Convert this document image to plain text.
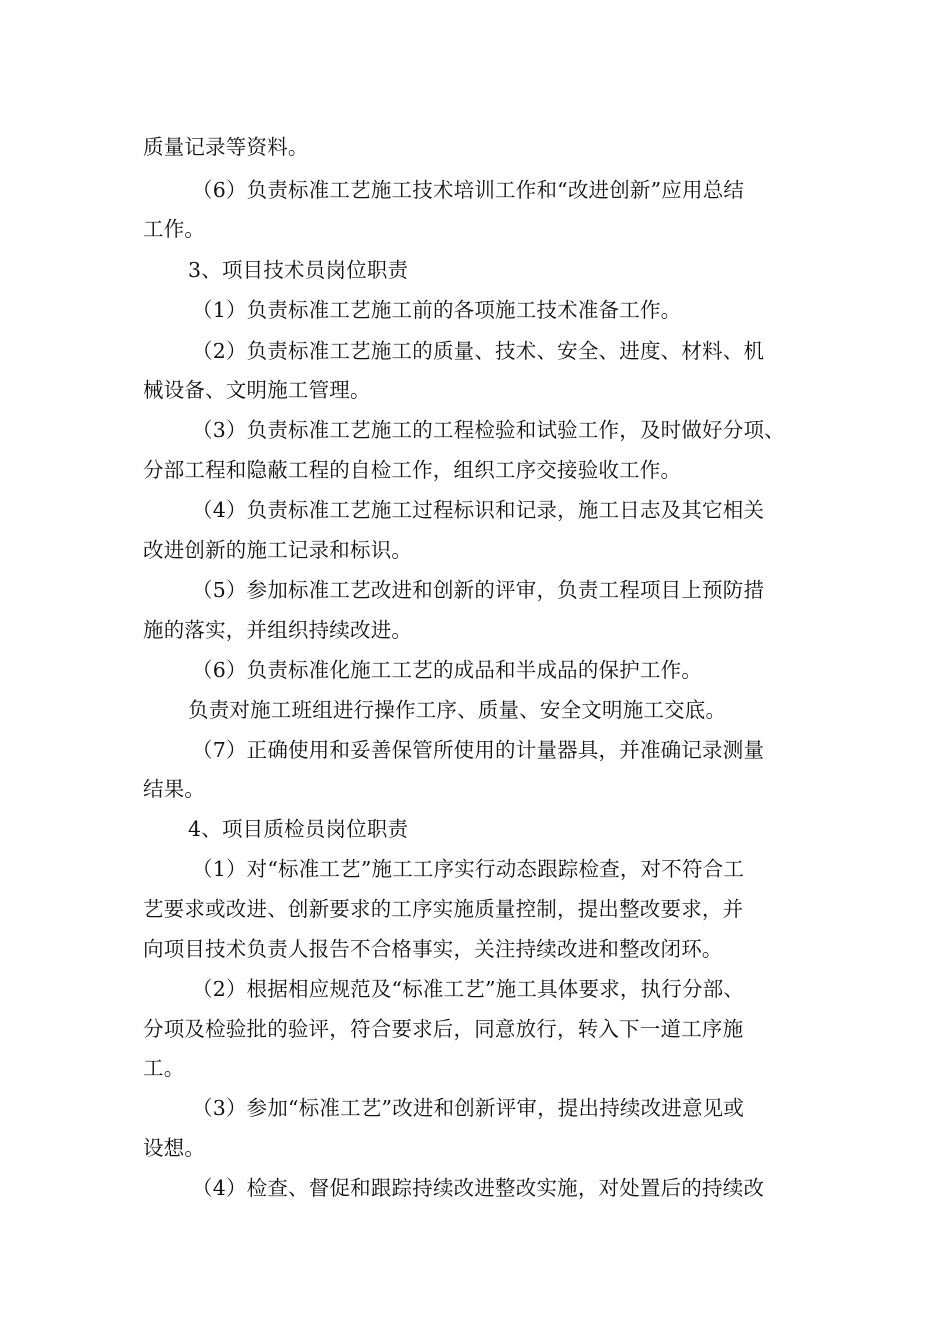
质量记录等资料。
（6）负责标准工艺施工技术培训工作和“改进创新”应用总结
工作。
3、项目技术员岗位职责
（1）负责标准工艺施工前的各项施工技术准备工作。
（2）负责标准工艺施工的质量、技术、安全、进度、材料、机
械设备、文明施工管理。
（3）负责标准工艺施工的工程检验和试验工作，及时做好分项、
分部工程和隐蔽工程的自检工作，组织工序交接验收工作。
（4）负责标准工艺施工过程标识和记录，施工日志及其它相关
改进创新的施工记录和标识。
（5）参加标准工艺改进和创新的评审，负责工程项目上预防措
施的落实，并组织持续改进。
（6）负责标准化施工工艺的成品和半成品的保护工作。
负责对施工班组进行操作工序、质量、安全文明施工交底。
（7）正确使用和妥善保管所使用的计量器具，并准确记录测量
结果。
4、项目质检员岗位职责
（1）对“标准工艺”施工工序实行动态跟踪检查，对不符合工
艺要求或改进、创新要求的工序实施质量控制，提出整改要求，并
向项目技术负责人报告不合格事实，关注持续改进和整改闭环。
（2）根据相应规范及“标准工艺”施工具体要求，执行分部、
分项及检验批的验评，符合要求后，同意放行，转入下一道工序施
工。
（3）参加“标准工艺”改进和创新评审，提出持续改进意见或
设想。
（4）检查、督促和跟踪持续改进整改实施，对处置后的持续改
